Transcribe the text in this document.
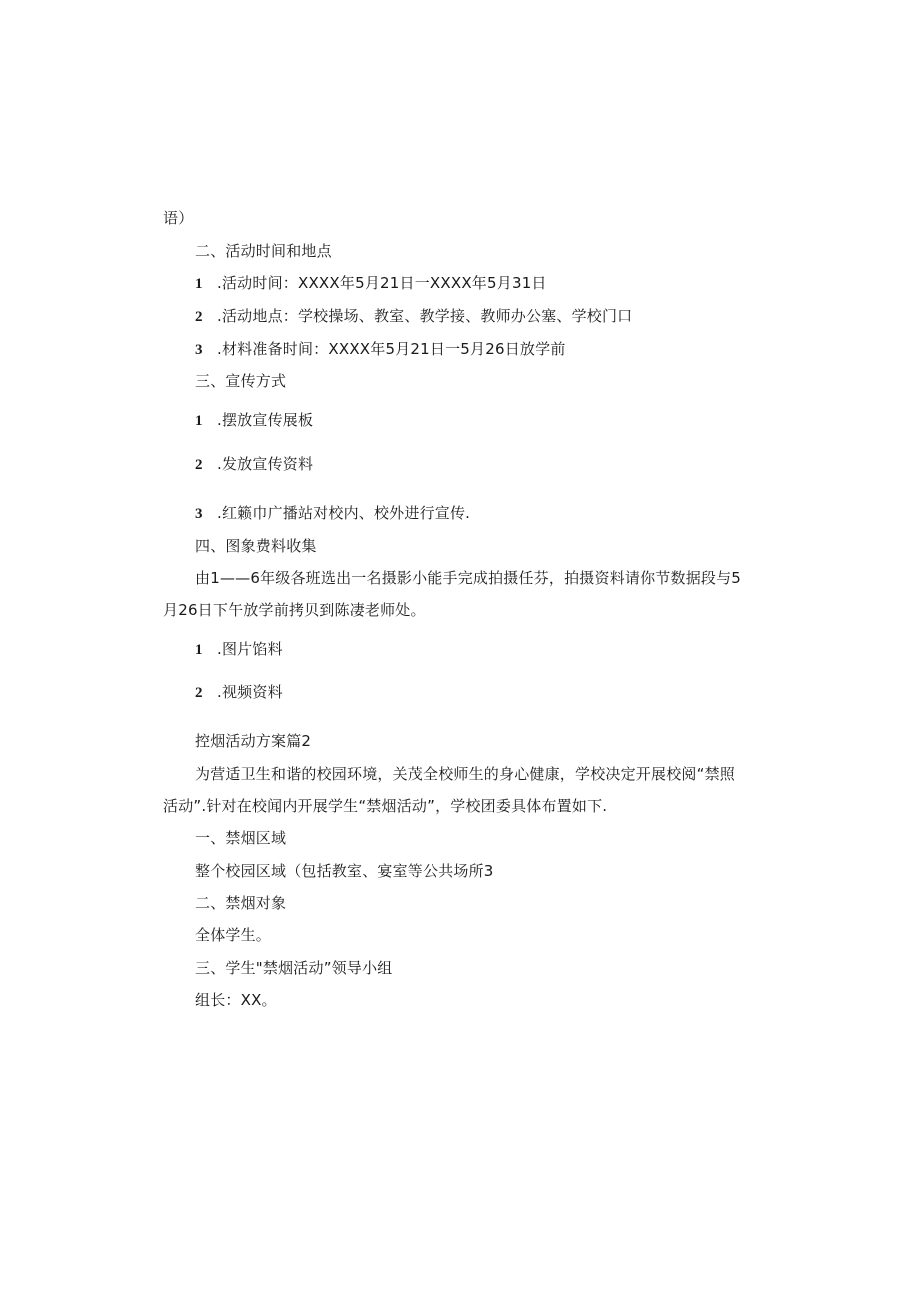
语）
二、活动时间和地点
1 .活动时间：XXXX年5月21日一XXXX年5月31日
2 .活动地点：学校操场、教室、教学接、教师办公塞、学校门口
3 .材料准备时间：XXXX年5月21日一5月26日放学前
三、宣传方式
1 .摆放宣传展板
2 .发放宣传资料
3 .红籁巾广播站对校内、校外进行宣传.
四、图象费料收集
由1——6年级各班选出一名摄影小能手完成拍摄任芬，拍摄资料请你节数据段与5
月26日下午放学前拷贝到陈凄老师处。
1 .图片馅料
2 .视频资料
控烟活动方案篇2
为营适卫生和谐的校园环境，关茂全校师生的身心健康，学校决定开展校阅“禁照
活动”.针对在校闻内开展学生“禁烟活动”，学校团委具体布置如下.
一、禁烟区域
整个校园区域（包括教室、宴室等公共场所3
二、禁烟对象
全体学生。
三、学生"禁烟活动”领导小组
组长：XX。
